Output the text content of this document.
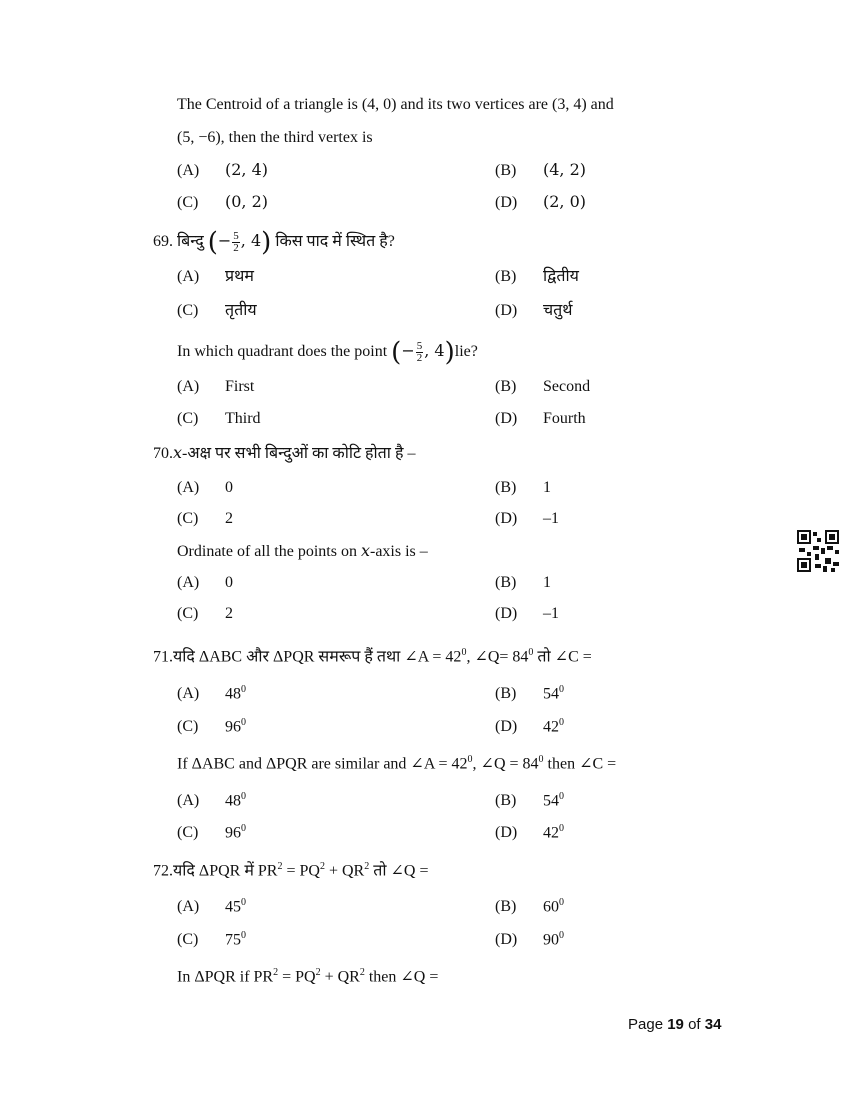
The Centroid of a triangle is (4, 0) and its two vertices are (3, 4) and
(5, −6), then the third vertex is
(A) (2, 4)	(B) (4, 2)
(C) (0, 2)	(D) (2, 0)
69. बिन्दु (− $\frac{5}{2}$ , 4) किस पाद में स्थित है?
(A) प्रथम	(B) द्वितीय
(C) तृतीय	(D) चतुर्थ
In which quadrant does the point (− $\frac{5}{2}$ , 4)lie?
(A) First	(B) Second
(C) Third	(D) Fourth
70.x-अक्ष पर सभी बिन्दुओं का कोटि होता है –
(A) 0	(B) 1
(C) 2	(D) –1
Ordinate of all the points on x-axis is –
(A) 0	(B) 1
(C) 2	(D) –1
71.यदि ΔABC और ΔPQR समरूप हैं तथा ∠A = $42^0$, ∠Q= $84^0$ तो ∠C =
(A) $48^0$	(B) $54^0$
(C) $96^0$	(D) $42^0$
If ΔABC and ΔPQR are similar and ∠A = $42^0$, ∠Q = $84^0$ then ∠C =
(A) $48^0$	(B) $54^0$
(C) $96^0$	(D) $42^0$
72.यदि ΔPQR में $PR^2 = PQ^2 + QR^2$ तो ∠Q =
(A) $45^0$	(B) $60^0$
(C) $75^0$	(D) $90^0$
In ΔPQR if $PR^2 = PQ^2 + QR^2$ then ∠Q =
Page 19 of 34
